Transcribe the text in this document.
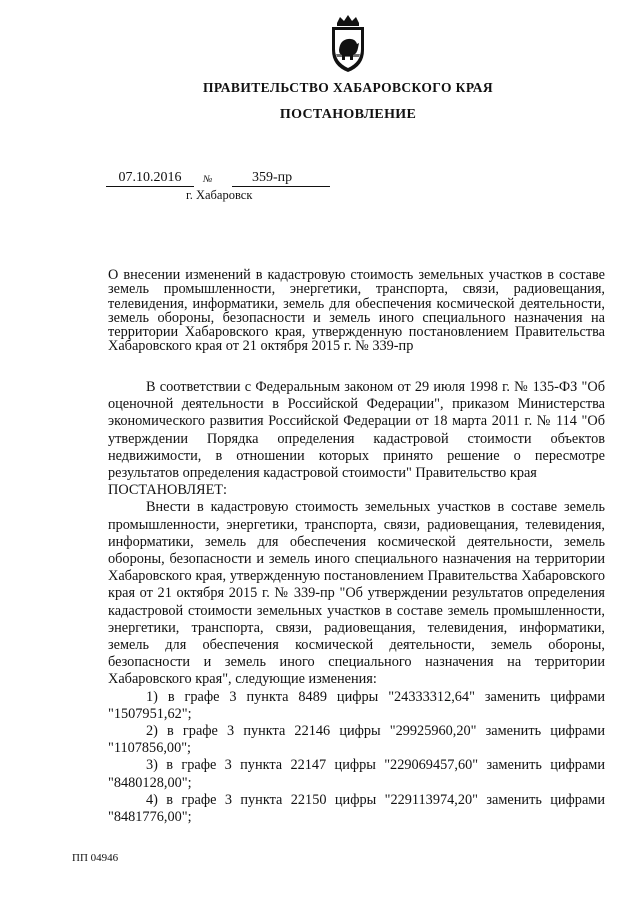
ПРАВИТЕЛЬСТВО ХАБАРОВСКОГО КРАЯ
ПОСТАНОВЛЕНИЕ
07.10.2016	№	359-пр
г. Хабаровск
О внесении изменений в кадастровую стоимость земельных участков в составе земель промышленности, энергетики, транспорта, связи, радиовещания, телевидения, информатики, земель для обеспечения космической деятельности, земель обороны, безопасности и земель иного специального назначения на территории Хабаровского края, утвержденную постановлением Правительства Хабаровского края от 21 октября 2015 г. № 339-пр

В соответствии с Федеральным законом от 29 июля 1998 г. № 135-ФЗ "Об оценочной деятельности в Российской Федерации", приказом Министерства экономического развития Российской Федерации от 18 марта 2011 г. № 114 "Об утверждении Порядка определения кадастровой стоимости объектов недвижимости, в отношении которых принято решение о пересмотре результатов определения кадастровой стоимости" Правительство края

ПОСТАНОВЛЯЕТ:

Внести в кадастровую стоимость земельных участков в составе земель промышленности, энергетики, транспорта, связи, радиовещания, телевидения, информатики, земель для обеспечения космической деятельности, земель обороны, безопасности и земель иного специального назначения на территории Хабаровского края, утвержденную постановлением Правительства Хабаровского края от 21 октября 2015 г. № 339-пр "Об утверждении результатов определения кадастровой стоимости земельных участков в составе земель промышленности, энергетики, транспорта, связи, радиовещания, телевидения, информатики, земель для обеспечения космической деятельности, земель обороны, безопасности и земель иного специального назначения на территории Хабаровского края", следующие изменения:

1) в графе 3 пункта 8489 цифры "24333312,64" заменить цифрами "1507951,62";

2) в графе 3 пункта 22146 цифры "29925960,20" заменить цифрами "1107856,00";

3) в графе 3 пункта 22147 цифры "229069457,60" заменить цифрами "8480128,00";

4) в графе 3 пункта 22150 цифры "229113974,20" заменить цифрами "8481776,00";

ПП 04946
